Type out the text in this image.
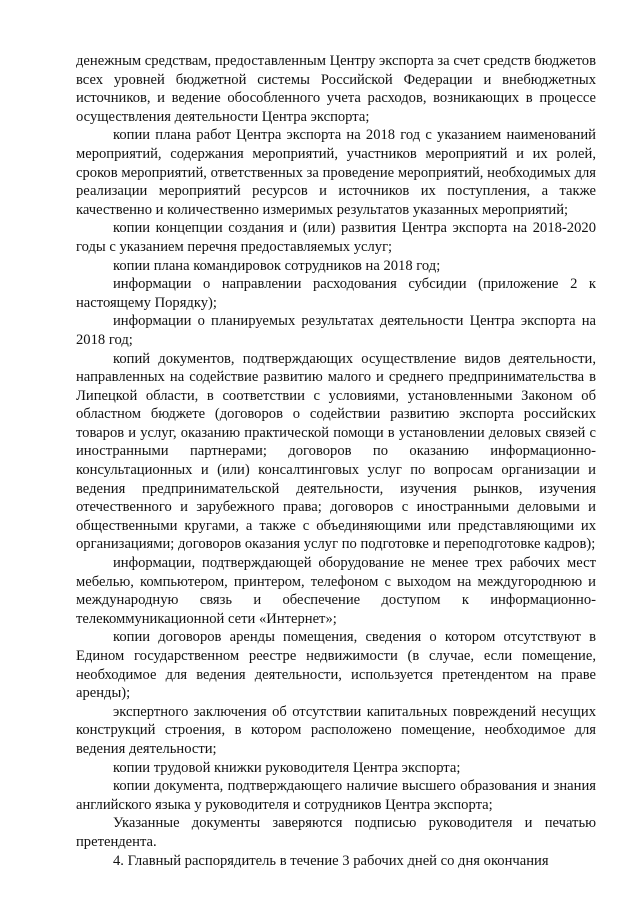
денежным средствам, предоставленным Центру экспорта за счет средств бюджетов всех уровней бюджетной системы Российской Федерации и внебюджетных источников, и ведение обособленного учета расходов, возникающих в процессе осуществления деятельности Центра экспорта;

копии плана работ Центра экспорта на 2018 год с указанием наименований мероприятий, содержания мероприятий, участников мероприятий и их ролей, сроков мероприятий, ответственных за проведение мероприятий, необходимых для реализации мероприятий ресурсов и источников их поступления, а также качественно и количественно измеримых результатов указанных мероприятий;

копии концепции создания и (или) развития Центра экспорта на 2018-2020 годы с указанием перечня предоставляемых услуг;

копии плана командировок сотрудников на 2018 год;

информации о направлении расходования субсидии (приложение 2 к настоящему Порядку);

информации о планируемых результатах деятельности Центра экспорта на 2018 год;

копий документов, подтверждающих осуществление видов деятельности, направленных на содействие развитию малого и среднего предпринимательства в Липецкой области, в соответствии с условиями, установленными Законом об областном бюджете (договоров о содействии развитию экспорта российских товаров и услуг, оказанию практической помощи в установлении деловых связей с иностранными партнерами; договоров по оказанию информационно-консультационных и (или) консалтинговых услуг по вопросам организации и ведения предпринимательской деятельности, изучения рынков, изучения отечественного и зарубежного права; договоров с иностранными деловыми и общественными кругами, а также с объединяющими или представляющими их организациями; договоров оказания услуг по подготовке и переподготовке кадров);

информации, подтверждающей оборудование не менее трех рабочих мест мебелью, компьютером, принтером, телефоном с выходом на междугороднюю и международную связь и обеспечение доступом к информационно-телекоммуникационной сети «Интернет»;

копии договоров аренды помещения, сведения о котором отсутствуют в Едином государственном реестре недвижимости (в случае, если помещение, необходимое для ведения деятельности, используется претендентом на праве аренды);

экспертного заключения об отсутствии капитальных повреждений несущих конструкций строения, в котором расположено помещение, необходимое для ведения деятельности;

копии трудовой книжки руководителя Центра экспорта;

копии документа, подтверждающего наличие высшего образования и знания английского языка у руководителя и сотрудников Центра экспорта;

Указанные документы заверяются подписью руководителя и печатью претендента.

4. Главный распорядитель в течение 3 рабочих дней со дня окончания
